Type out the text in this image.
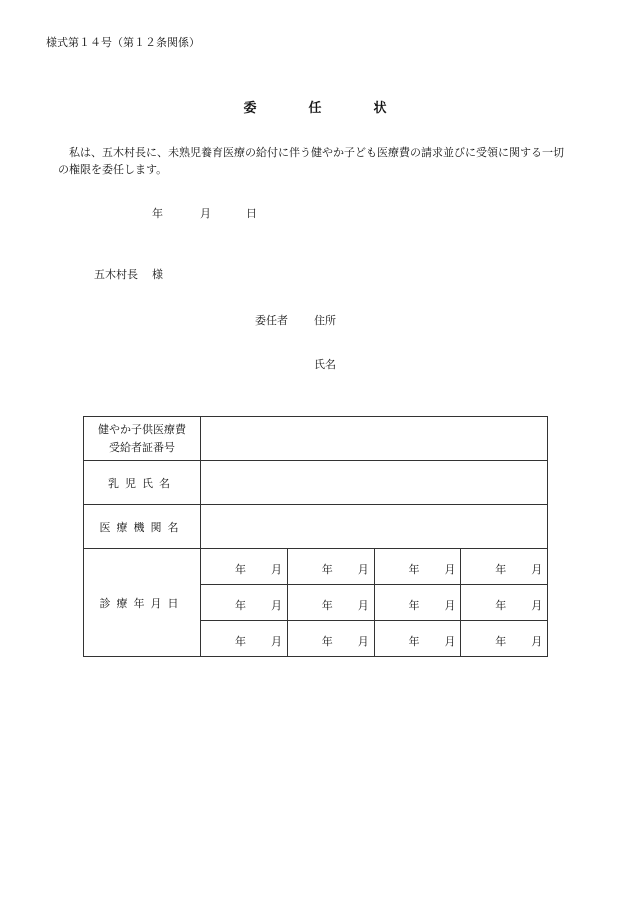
様式第１４号（第１２条関係）
委	任	状
私は、五木村長に、未熟児養育医療の給付に伴う健やか子ども医療費の請求並びに受領に関する一切の権限を委任します。
年	月	日
五木村長 様
委任者 住所
氏名
健やか子供医療費
受給者証番号				

乳児氏名				
医療機関名				
診療年月日	年 月	年 月	年 月	年 月

	年 月	年 月	年 月	年 月

	年 月	年 月	年 月	年 月
